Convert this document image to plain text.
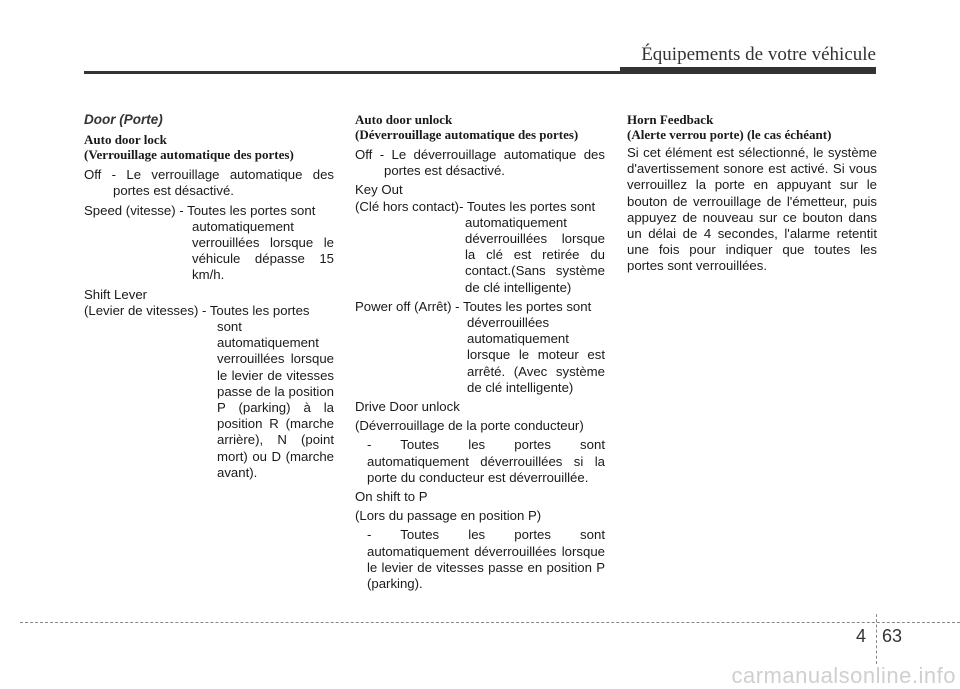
Équipements de votre véhicule

Door (Porte)

Auto door lock

(Verrouillage automatique des portes)

Off - Le verrouillage automatique des portes est désactivé.

Speed (vitesse) - Toutes les portes sont
automatiquement verrouillées lorsque le véhicule dépasse 15 km/h.

Shift Lever
(Levier de vitesses) - Toutes les portes
sont automatiquement verrouillées lorsque le levier de vitesses passe de la position P (parking) à la position R (marche arrière), N (point mort) ou D (marche avant).

Auto door unlock

(Déverrouillage automatique des portes)

Off - Le déverrouillage automatique des portes est désactivé.

Key Out
(Clé hors contact)- Toutes les portes sont
automatiquement déverrouillées lorsque la clé est retirée du contact.(Sans système de clé intelligente)

Power off (Arrêt) - Toutes les portes sont
déverrouillées automatiquement lorsque le moteur est arrêté. (Avec système de clé intelligente)

Drive Door unlock
(Déverrouillage de la porte conducteur)
- Toutes les portes sont automatiquement déverrouillées si la porte du conducteur est déverrouillée.

On shift to P
(Lors du passage en position P)
- Toutes les portes sont automatiquement déverrouillées lorsque le levier de vitesses passe en position P (parking).

Horn Feedback

(Alerte verrou porte) (le cas échéant)

Si cet élément est sélectionné, le système d'avertissement sonore est activé. Si vous verrouillez la porte en appuyant sur le bouton de verrouillage de l'émetteur, puis appuyez de nouveau sur ce bouton dans un délai de 4 secondes, l'alarme retentit une fois pour indiquer que toutes les portes sont verrouillées.

4 63
carmanualsonline.info
